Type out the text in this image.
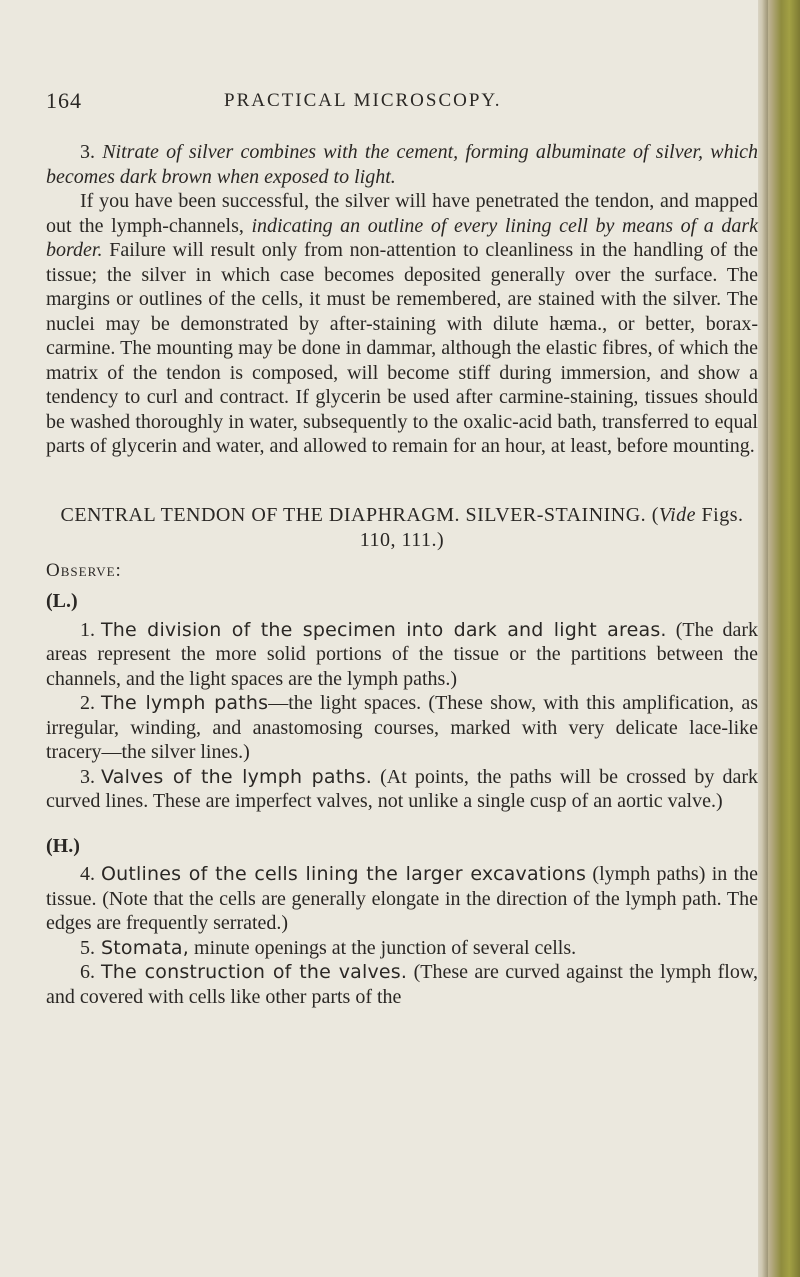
164	PRACTICAL MICROSCOPY.

3. Nitrate of silver combines with the cement, forming albuminate of silver, which becomes dark brown when exposed to light.

If you have been successful, the silver will have penetrated the tendon, and mapped out the lymph-channels, indicating an outline of every lining cell by means of a dark border. Failure will result only from non-attention to cleanliness in the handling of the tissue; the silver in which case becomes deposited generally over the surface. The margins or outlines of the cells, it must be remembered, are stained with the silver. The nuclei may be demonstrated by after-staining with dilute hæma., or better, borax-carmine. The mounting may be done in dammar, although the elastic fibres, of which the matrix of the tendon is composed, will become stiff during immersion, and show a tendency to curl and contract. If glycerin be used after carmine-staining, tissues should be washed thoroughly in water, subsequently to the oxalic-acid bath, transferred to equal parts of glycerin and water, and allowed to remain for an hour, at least, before mounting.

CENTRAL TENDON OF THE DIAPHRAGM. SILVER-STAINING. (Vide Figs. 110, 111.)

Observe:

(L.)

1. The division of the specimen into dark and light areas. (The dark areas represent the more solid portions of the tissue or the partitions between the channels, and the light spaces are the lymph paths.)

2. The lymph paths—the light spaces. (These show, with this amplification, as irregular, winding, and anastomosing courses, marked with very delicate lace-like tracery—the silver lines.)

3. Valves of the lymph paths. (At points, the paths will be crossed by dark curved lines. These are imperfect valves, not unlike a single cusp of an aortic valve.)

(H.)

4. Outlines of the cells lining the larger excavations (lymph paths) in the tissue. (Note that the cells are generally elongate in the direction of the lymph path. The edges are frequently serrated.)

5. Stomata, minute openings at the junction of several cells.

6. The construction of the valves. (These are curved against the lymph flow, and covered with cells like other parts of the
